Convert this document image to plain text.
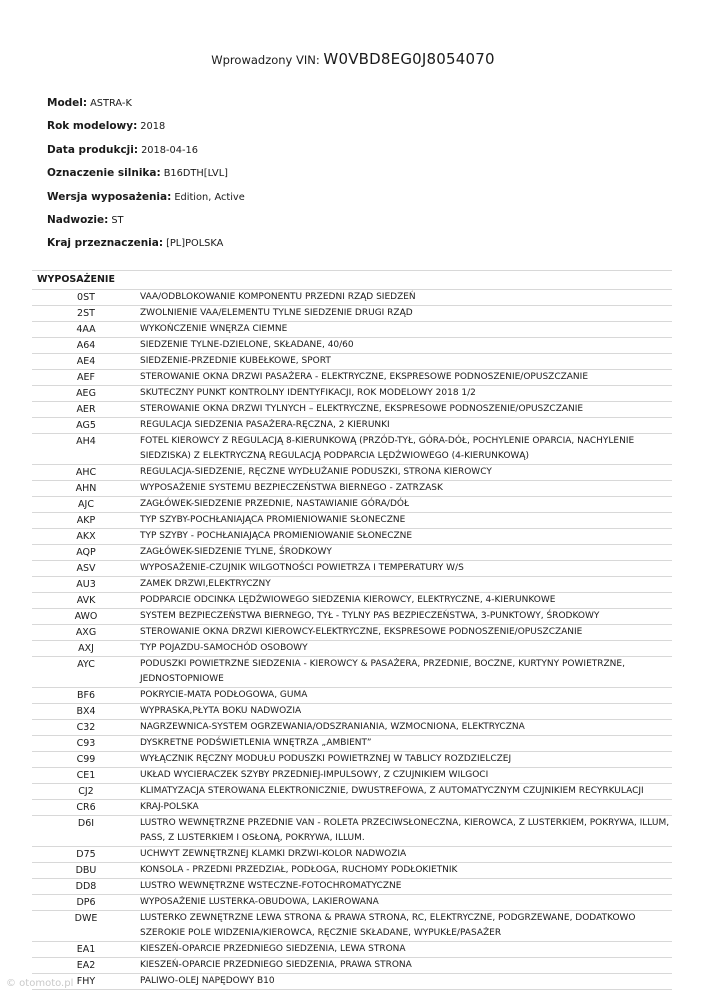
Wprowadzony VIN: W0VBD8EG0J8054070
Model: ASTRA-K
Rok modelowy: 2018
Data produkcji: 2018-04-16
Oznaczenie silnika: B16DTH[LVL]
Wersja wyposażenia: Edition, Active
Nadwozie: ST
Kraj przeznaczenia: [PL]POLSKA
WYPOSAŻENIE
0ST	VAA/ODBLOKOWANIE KOMPONENTU PRZEDNI RZĄD SIEDZEŃ
2ST	ZWOLNIENIE VAA/ELEMENTU TYLNE SIEDZENIE DRUGI RZĄD
4AA	WYKOŃCZENIE WNĘRZA CIEMNE
A64	SIEDZENIE TYLNE-DZIELONE, SKŁADANE, 40/60
AE4	SIEDZENIE-PRZEDNIE KUBEŁKOWE, SPORT
AEF	STEROWANIE OKNA DRZWI PASAŻERA - ELEKTRYCZNE, EKSPRESOWE PODNOSZENIE/OPUSZCZANIE
AEG	SKUTECZNY PUNKT KONTROLNY IDENTYFIKACJI, ROK MODELOWY 2018 1/2
AER	STEROWANIE OKNA DRZWI TYLNYCH – ELEKTRYCZNE, EKSPRESOWE PODNOSZENIE/OPUSZCZANIE
AG5	REGULACJA SIEDZENIA PASAŻERA-RĘCZNA, 2 KIERUNKI
AH4	FOTEL KIEROWCY Z REGULACJĄ 8-KIERUNKOWĄ (PRZÓD-TYŁ, GÓRA-DÓŁ, POCHYLENIE OPARCIA, NACHYLENIE SIEDZISKA) Z ELEKTRYCZNĄ REGULACJĄ PODPARCIA LĘDŹWIOWEGO (4-KIERUNKOWĄ)
AHC	REGULACJA-SIEDZENIE, RĘCZNE WYDŁUŻANIE PODUSZKI, STRONA KIEROWCY
AHN	WYPOSAŻENIE SYSTEMU BEZPIECZEŃSTWA BIERNEGO - ZATRZASK
AJC	ZAGŁÓWEK-SIEDZENIE PRZEDNIE, NASTAWIANIE GÓRA/DÓŁ
AKP	TYP SZYBY-POCHŁANIAJĄCA PROMIENIOWANIE SŁONECZNE
AKX	TYP SZYBY - POCHŁANIAJĄCA PROMIENIOWANIE SŁONECZNE
AQP	ZAGŁÓWEK-SIEDZENIE TYLNE, ŚRODKOWY
ASV	WYPOSAŻENIE-CZUJNIK WILGOTNOŚCI POWIETRZA I TEMPERATURY W/S
AU3	ZAMEK DRZWI,ELEKTRYCZNY
AVK	PODPARCIE ODCINKA LĘDŹWIOWEGO SIEDZENIA KIEROWCY, ELEKTRYCZNE, 4-KIERUNKOWE
AWO	SYSTEM BEZPIECZEŃSTWA BIERNEGO, TYŁ - TYLNY PAS BEZPIECZEŃSTWA, 3-PUNKTOWY, ŚRODKOWY
AXG	STEROWANIE OKNA DRZWI KIEROWCY-ELEKTRYCZNE, EKSPRESOWE PODNOSZENIE/OPUSZCZANIE
AXJ	TYP POJAZDU-SAMOCHÓD OSOBOWY
AYC	PODUSZKI POWIETRZNE SIEDZENIA - KIEROWCY & PASAŻERA, PRZEDNIE, BOCZNE, KURTYNY POWIETRZNE, JEDNOSTOPNIOWE
BF6	POKRYCIE-MATA PODŁOGOWA, GUMA
BX4	WYPRASKA,PŁYTA BOKU NADWOZIA
C32	NAGRZEWNICA-SYSTEM OGRZEWANIA/ODSZRANIANIA, WZMOCNIONA, ELEKTRYCZNA
C93	DYSKRETNE PODŚWIETLENIA WNĘTRZA „AMBIENT”
C99	WYŁĄCZNIK RĘCZNY MODUŁU PODUSZKI POWIETRZNEJ W TABLICY ROZDZIELCZEJ
CE1	UKŁAD WYCIERACZEK SZYBY PRZEDNIEJ-IMPULSOWY, Z CZUJNIKIEM WILGOCI
CJ2	KLIMATYZACJA STEROWANA ELEKTRONICZNIE, DWUSTREFOWA, Z AUTOMATYCZNYM CZUJNIKIEM RECYRKULACJI
CR6	KRAJ-POLSKA
D6I	LUSTRO WEWNĘTRZNE PRZEDNIE VAN - ROLETA PRZECIWSŁONECZNA, KIEROWCA, Z LUSTERKIEM, POKRYWA, ILLUM, PASS, Z LUSTERKIEM I OSŁONĄ, POKRYWA, ILLUM.
D75	UCHWYT ZEWNĘTRZNEJ KLAMKI DRZWI-KOLOR NADWOZIA
DBU	KONSOLA - PRZEDNI PRZEDZIAŁ, PODŁOGA, RUCHOMY PODŁOKIETNIK
DD8	LUSTRO WEWNĘTRZNE WSTECZNE-FOTOCHROMATYCZNE
DP6	WYPOSAŻENIE LUSTERKA-OBUDOWA, LAKIEROWANA
DWE	LUSTERKO ZEWNĘTRZNE LEWA STRONA & PRAWA STRONA, RC, ELEKTRYCZNE, PODGRZEWANE, DODATKOWO SZEROKIE POLE WIDZENIA/KIEROWCA, RĘCZNIE SKŁADANE, WYPUKŁE/PASAŻER
EA1	KIESZEŃ-OPARCIE PRZEDNIEGO SIEDZENIA, LEWA STRONA
EA2	KIESZEŃ-OPARCIE PRZEDNIEGO SIEDZENIA, PRAWA STRONA
FHY	PALIWO-OLEJ NAPĘDOWY B10
© otomoto.pl
